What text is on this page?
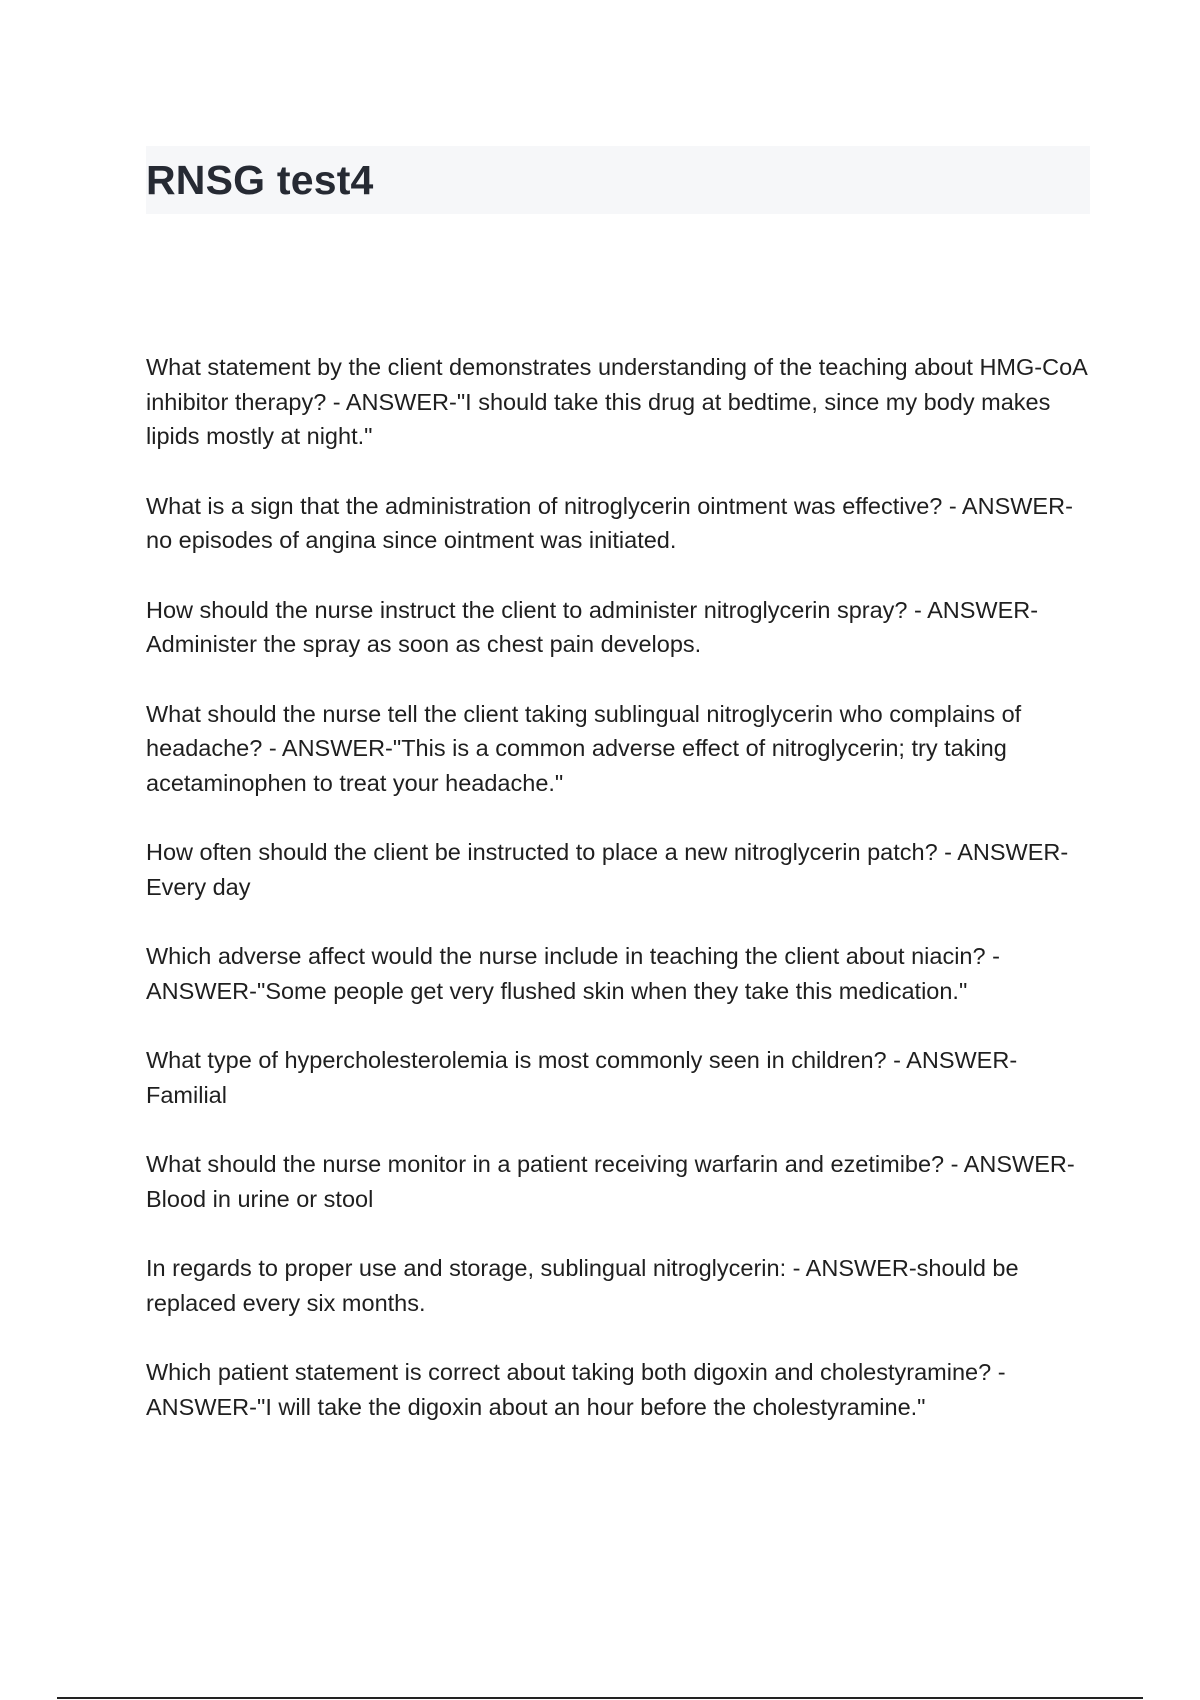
RNSG test4

What statement by the client demonstrates understanding of the teaching about HMG-CoA inhibitor therapy? - ANSWER-"I should take this drug at bedtime, since my body makes lipids mostly at night."

What is a sign that the administration of nitroglycerin ointment was effective? - ANSWER-no episodes of angina since ointment was initiated.

How should the nurse instruct the client to administer nitroglycerin spray? - ANSWER-Administer the spray as soon as chest pain develops.

What should the nurse tell the client taking sublingual nitroglycerin who complains of headache? - ANSWER-"This is a common adverse effect of nitroglycerin; try taking acetaminophen to treat your headache."

How often should the client be instructed to place a new nitroglycerin patch? - ANSWER-Every day

Which adverse affect would the nurse include in teaching the client about niacin? - ANSWER-"Some people get very flushed skin when they take this medication."

What type of hypercholesterolemia is most commonly seen in children? - ANSWER-Familial

What should the nurse monitor in a patient receiving warfarin and ezetimibe? - ANSWER-Blood in urine or stool

In regards to proper use and storage, sublingual nitroglycerin: - ANSWER-should be replaced every six months.

Which patient statement is correct about taking both digoxin and cholestyramine? - ANSWER-"I will take the digoxin about an hour before the cholestyramine."
